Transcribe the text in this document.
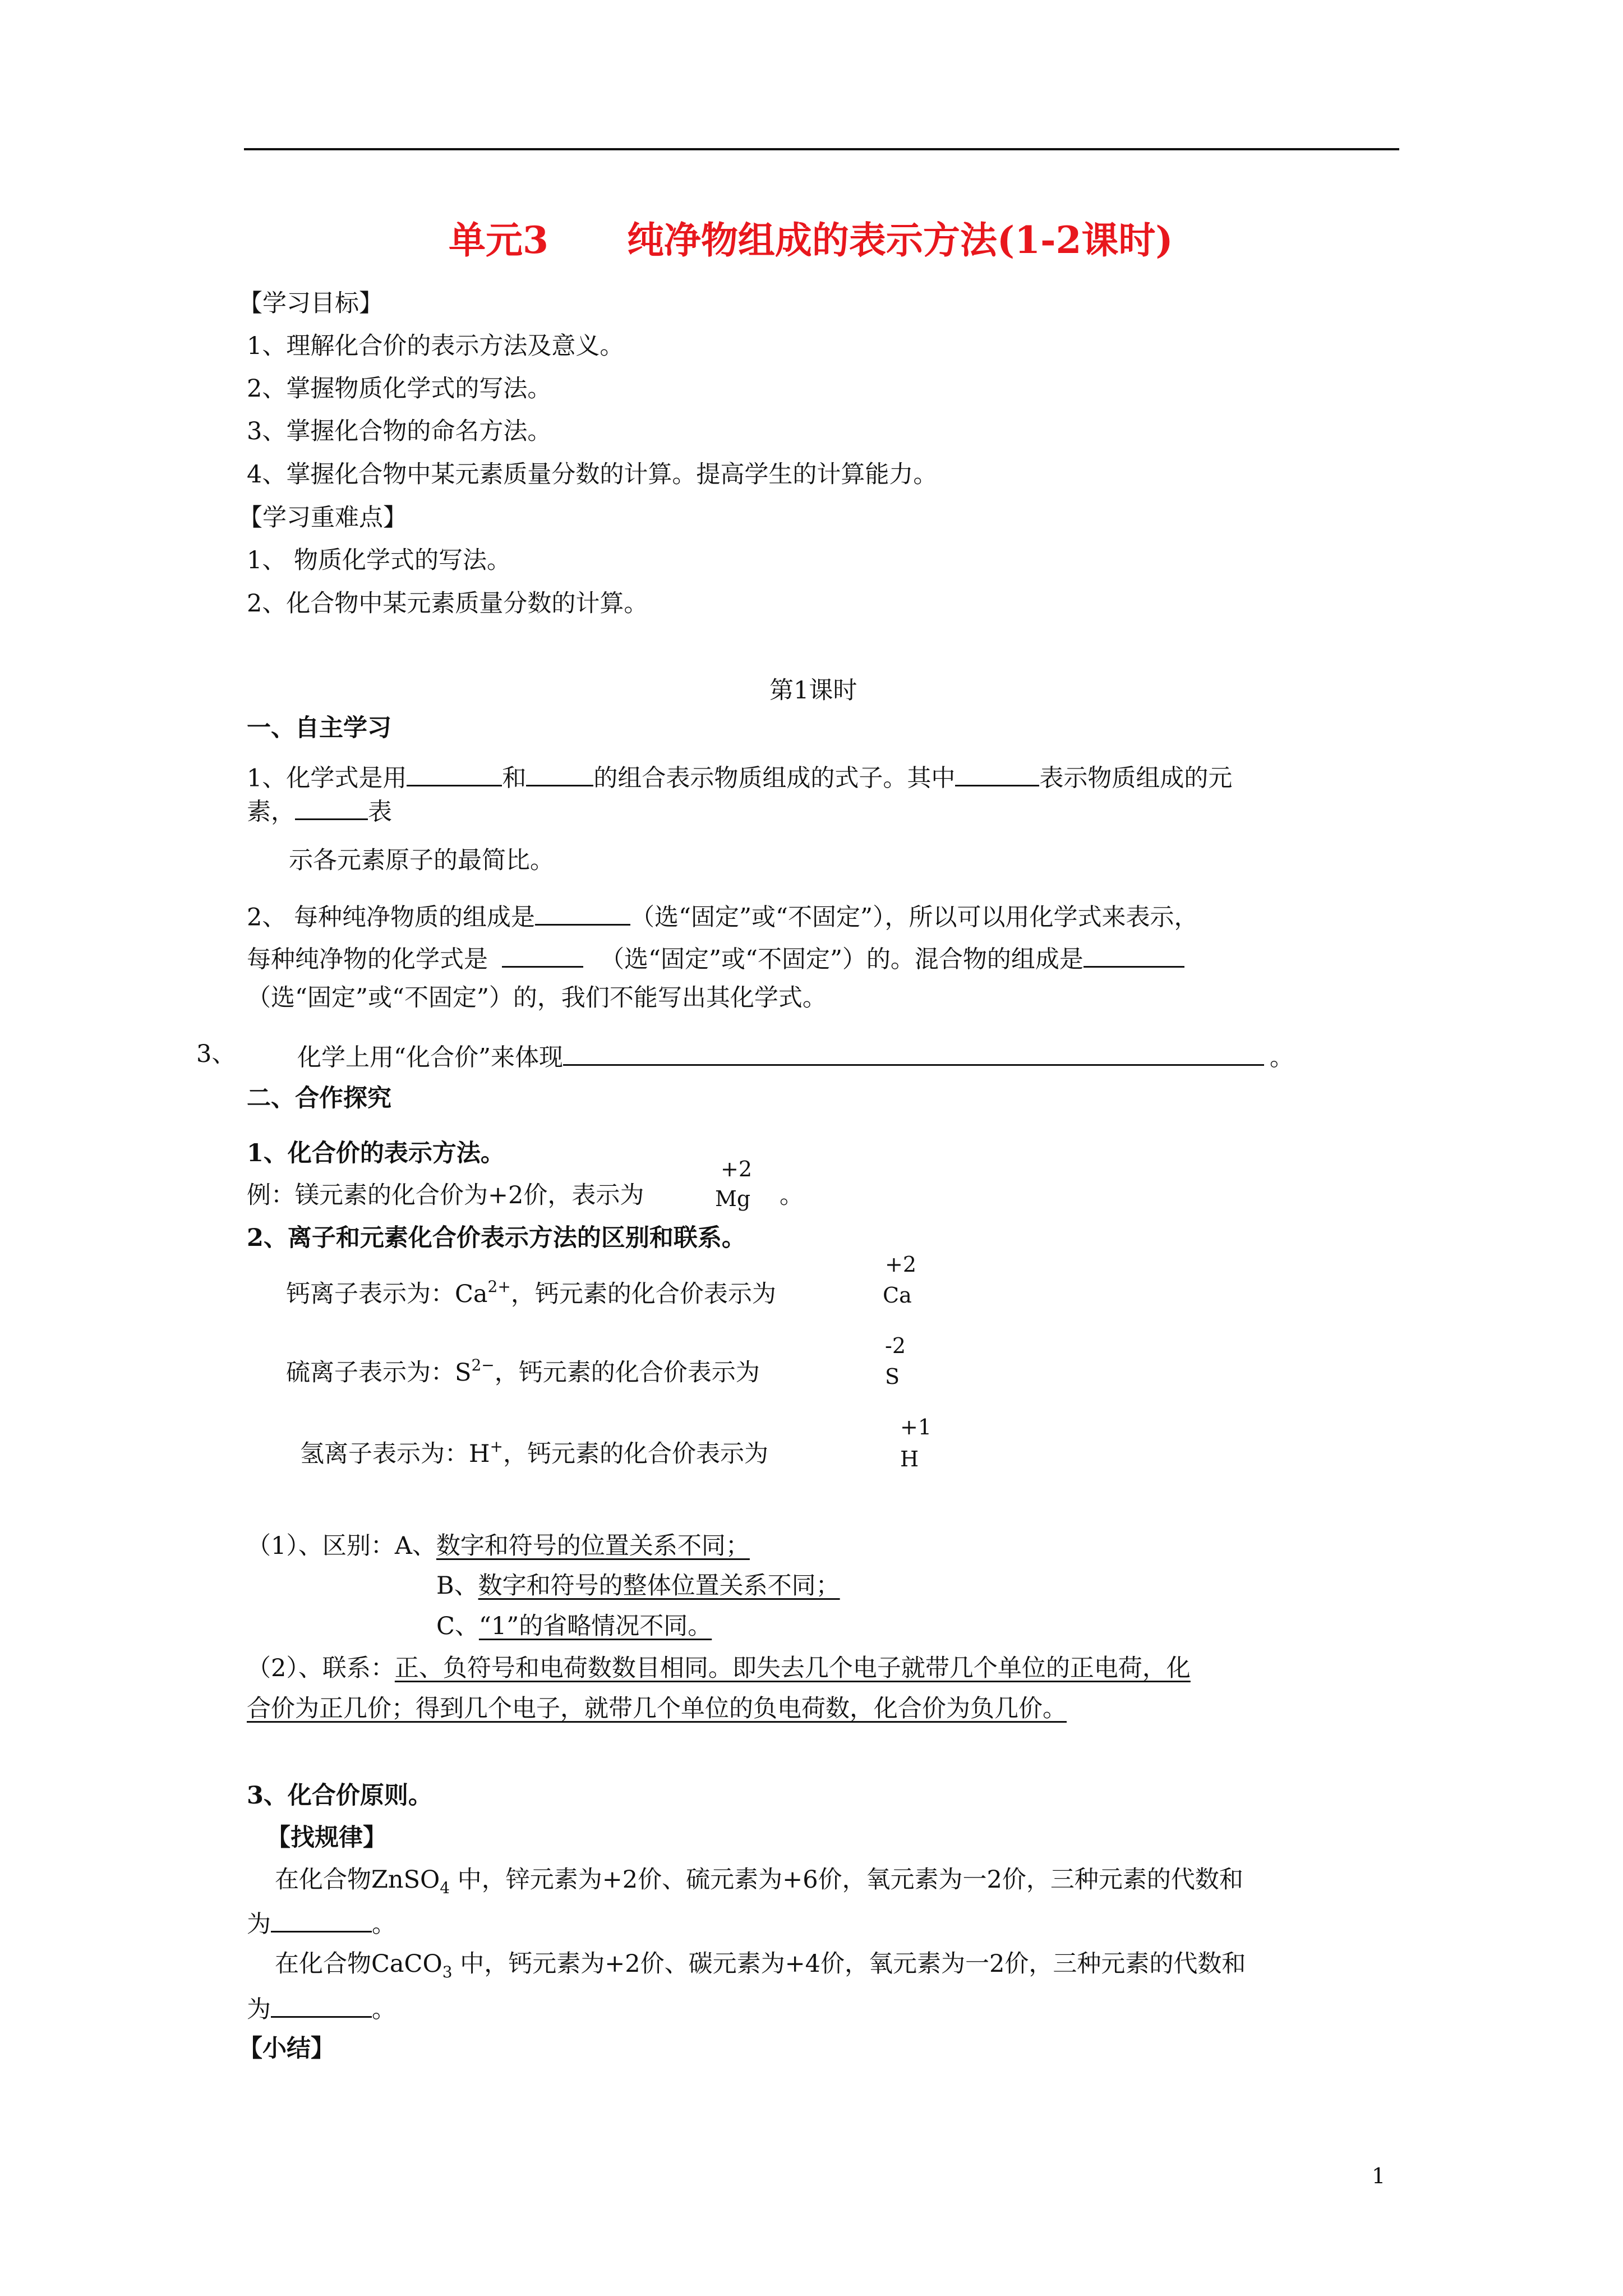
单元3 纯净物组成的表示方法(1-2课时)
【学习目标】
1、理解化合价的表示方法及意义。
2、掌握物质化学式的写法。
3、掌握化合物的命名方法。
4、掌握化合物中某元素质量分数的计算。提高学生的计算能力。
【学习重难点】
1、 物质化学式的写法。
2、化合物中某元素质量分数的计算。
第1课时
一、自主学习
1、化学式是用	和	的组合表示物质组成的式子。其中	表示物质组成的元
素，	表
示各元素原子的最简比。
2、 每种纯净物质的组成是	（选“固定”或“不固定”），所以可以用化学式来表示，
每种纯净物的化学式是	（选“固定”或“不固定”）的。混合物的组成是
（选“固定”或“不固定”）的，我们不能写出其化学式。
3、	化学上用“化合价”来体现	。
二、合作探究
1、化合价的表示方法。
例：镁元素的化合价为+2价，表示为
+2
Mg 。
2、离子和元素化合价表示方法的区别和联系。
钙离子表示为：$Ca^{2+}$，钙元素的化合价表示为
+2
Ca
硫离子表示为：$S^{2-}$，钙元素的化合价表示为
-2
S
氢离子表示为：H+，钙元素的化合价表示为
+1
H
（1）、区别：A、数字和符号的位置关系不同；
B、数字和符号的整体位置关系不同；
C、“1”的省略情况不同。
（2）、联系：正、负符号和电荷数数目相同。即失去几个电子就带几个单位的正电荷，化
合价为正几价；得到几个电子，就带几个单位的负电荷数，化合价为负几价。
3、化合价原则。
【找规律】
在化合物ZnSO$_4$ 中，锌元素为+2价、硫元素为+6价，氧元素为一2价，三种元素的代数和
为	。
在化合物CaCO$_3$ 中，钙元素为+2价、碳元素为+4价，氧元素为一2价，三种元素的代数和
为	。
【小结】
1
